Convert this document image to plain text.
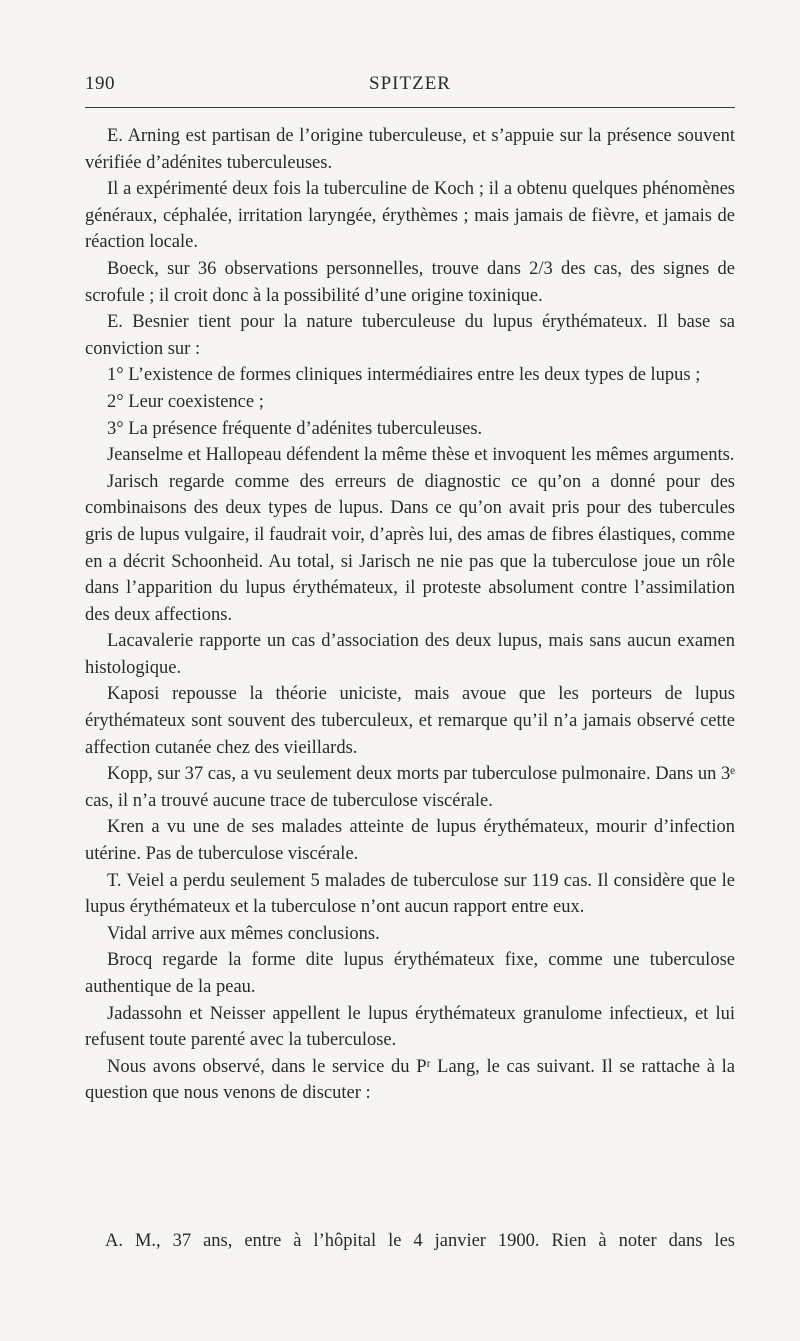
190	SPITZER

E. Arning est partisan de l’origine tuberculeuse, et s’appuie sur la présence souvent vérifiée d’adénites tuberculeuses.

Il a expérimenté deux fois la tuberculine de Koch ; il a obtenu quelques phénomènes généraux, céphalée, irritation laryngée, érythèmes ; mais jamais de fièvre, et jamais de réaction locale.

Boeck, sur 36 observations personnelles, trouve dans 2/3 des cas, des signes de scrofule ; il croit donc à la possibilité d’une origine toxinique.

E. Besnier tient pour la nature tuberculeuse du lupus érythémateux. Il base sa conviction sur :

1° L’existence de formes cliniques intermédiaires entre les deux types de lupus ;

2° Leur coexistence ;

3° La présence fréquente d’adénites tuberculeuses.

Jeanselme et Hallopeau défendent la même thèse et invoquent les mêmes arguments.

Jarisch regarde comme des erreurs de diagnostic ce qu’on a donné pour des combinaisons des deux types de lupus. Dans ce qu’on avait pris pour des tubercules gris de lupus vulgaire, il faudrait voir, d’après lui, des amas de fibres élastiques, comme en a décrit Schoonheid. Au total, si Jarisch ne nie pas que la tuberculose joue un rôle dans l’apparition du lupus érythémateux, il proteste absolument contre l’assimilation des deux affections.

Lacavalerie rapporte un cas d’association des deux lupus, mais sans aucun examen histologique.

Kaposi repousse la théorie uniciste, mais avoue que les porteurs de lupus érythémateux sont souvent des tuberculeux, et remarque qu’il n’a jamais observé cette affection cutanée chez des vieillards.

Kopp, sur 37 cas, a vu seulement deux morts par tuberculose pulmonaire. Dans un 3ᵉ cas, il n’a trouvé aucune trace de tuberculose viscérale.

Kren a vu une de ses malades atteinte de lupus érythémateux, mourir d’infection utérine. Pas de tuberculose viscérale.

T. Veiel a perdu seulement 5 malades de tuberculose sur 119 cas. Il considère que le lupus érythémateux et la tuberculose n’ont aucun rapport entre eux.

Vidal arrive aux mêmes conclusions.

Brocq regarde la forme dite lupus érythémateux fixe, comme une tuberculose authentique de la peau.

Jadassohn et Neisser appellent le lupus érythémateux granulome infectieux, et lui refusent toute parenté avec la tuberculose.

Nous avons observé, dans le service du Pʳ Lang, le cas suivant. Il se rattache à la question que nous venons de discuter :

A. M., 37 ans, entre à l’hôpital le 4 janvier 1900. Rien à noter dans les
